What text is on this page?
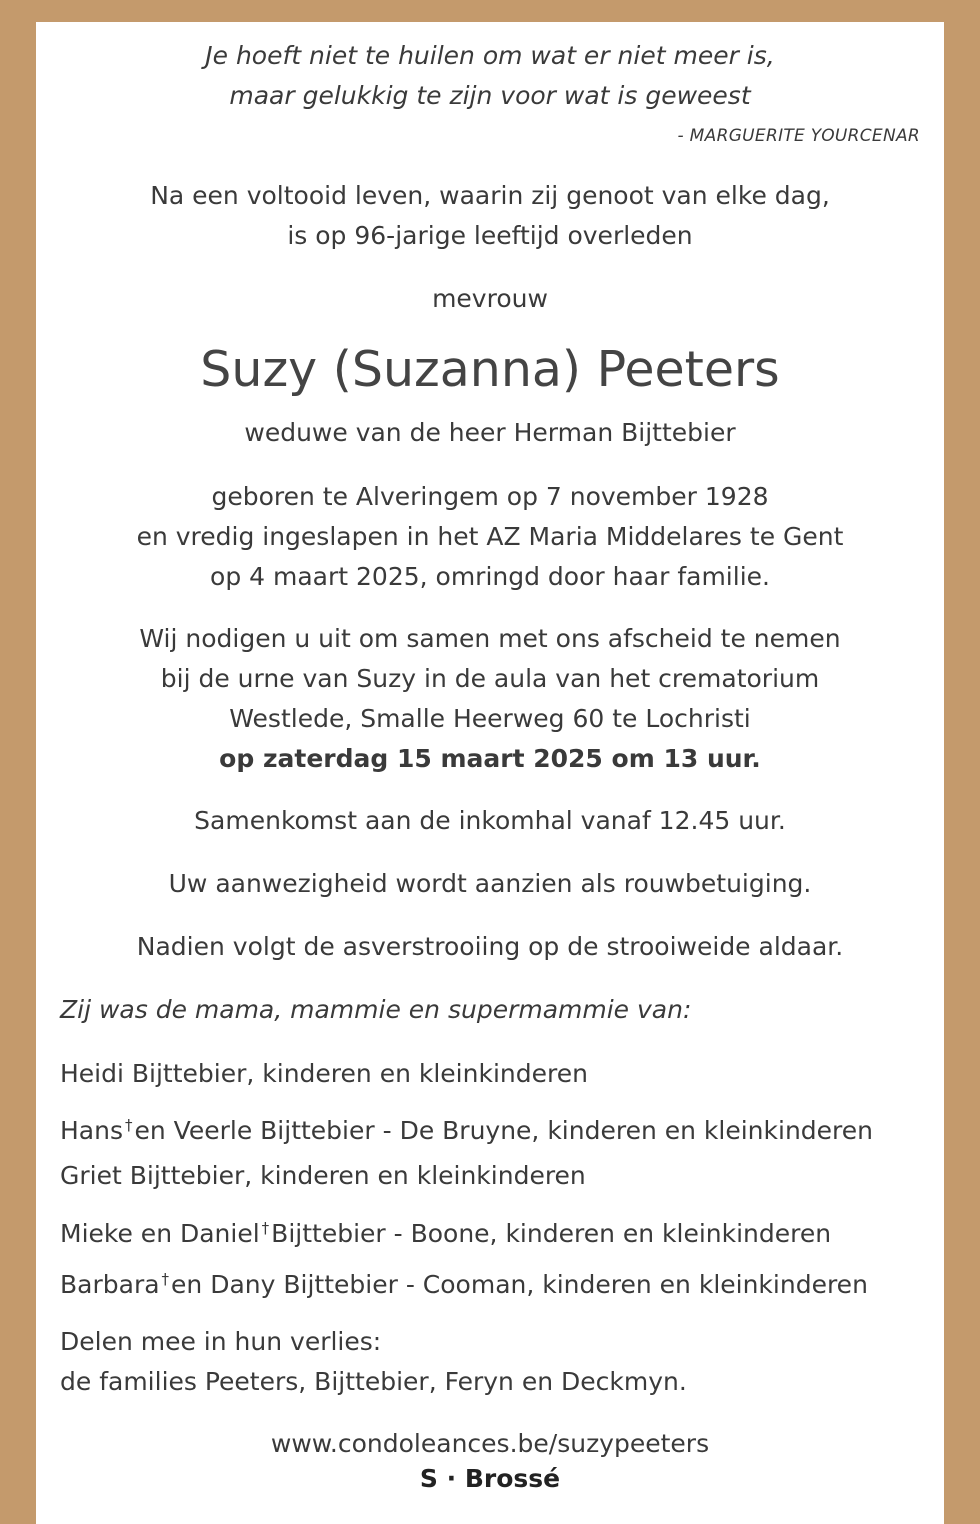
Je hoeft niet te huilen om wat er niet meer is,
maar gelukkig te zijn voor wat is geweest
- MARGUERITE YOURCENAR
Na een voltooid leven, waarin zij genoot van elke dag,
is op 96-jarige leeftijd overleden
mevrouw
Suzy (Suzanna) Peeters
weduwe van de heer Herman Bijttebier
geboren te Alveringem op 7 november 1928
en vredig ingeslapen in het AZ Maria Middelares te Gent
op 4 maart 2025, omringd door haar familie.
Wij nodigen u uit om samen met ons afscheid te nemen
bij de urne van Suzy in de aula van het crematorium
Westlede, Smalle Heerweg 60 te Lochristi
op zaterdag 15 maart 2025 om 13 uur.
Samenkomst aan de inkomhal vanaf 12.45 uur.
Uw aanwezigheid wordt aanzien als rouwbetuiging.
Nadien volgt de asverstrooiing op de strooiweide aldaar.
Zij was de mama, mammie en supermammie van:
Heidi Bijttebier, kinderen en kleinkinderen
Hans †en Veerle Bijttebier - De Bruyne, kinderen en kleinkinderen
Griet Bijttebier, kinderen en kleinkinderen
Mieke en Daniel †Bijttebier - Boone, kinderen en kleinkinderen
Barbara †en Dany Bijttebier - Cooman, kinderen en kleinkinderen
Delen mee in hun verlies:
de families Peeters, Bijttebier, Feryn en Deckmyn.
www.condoleances.be/suzypeeters
S · Brossé
